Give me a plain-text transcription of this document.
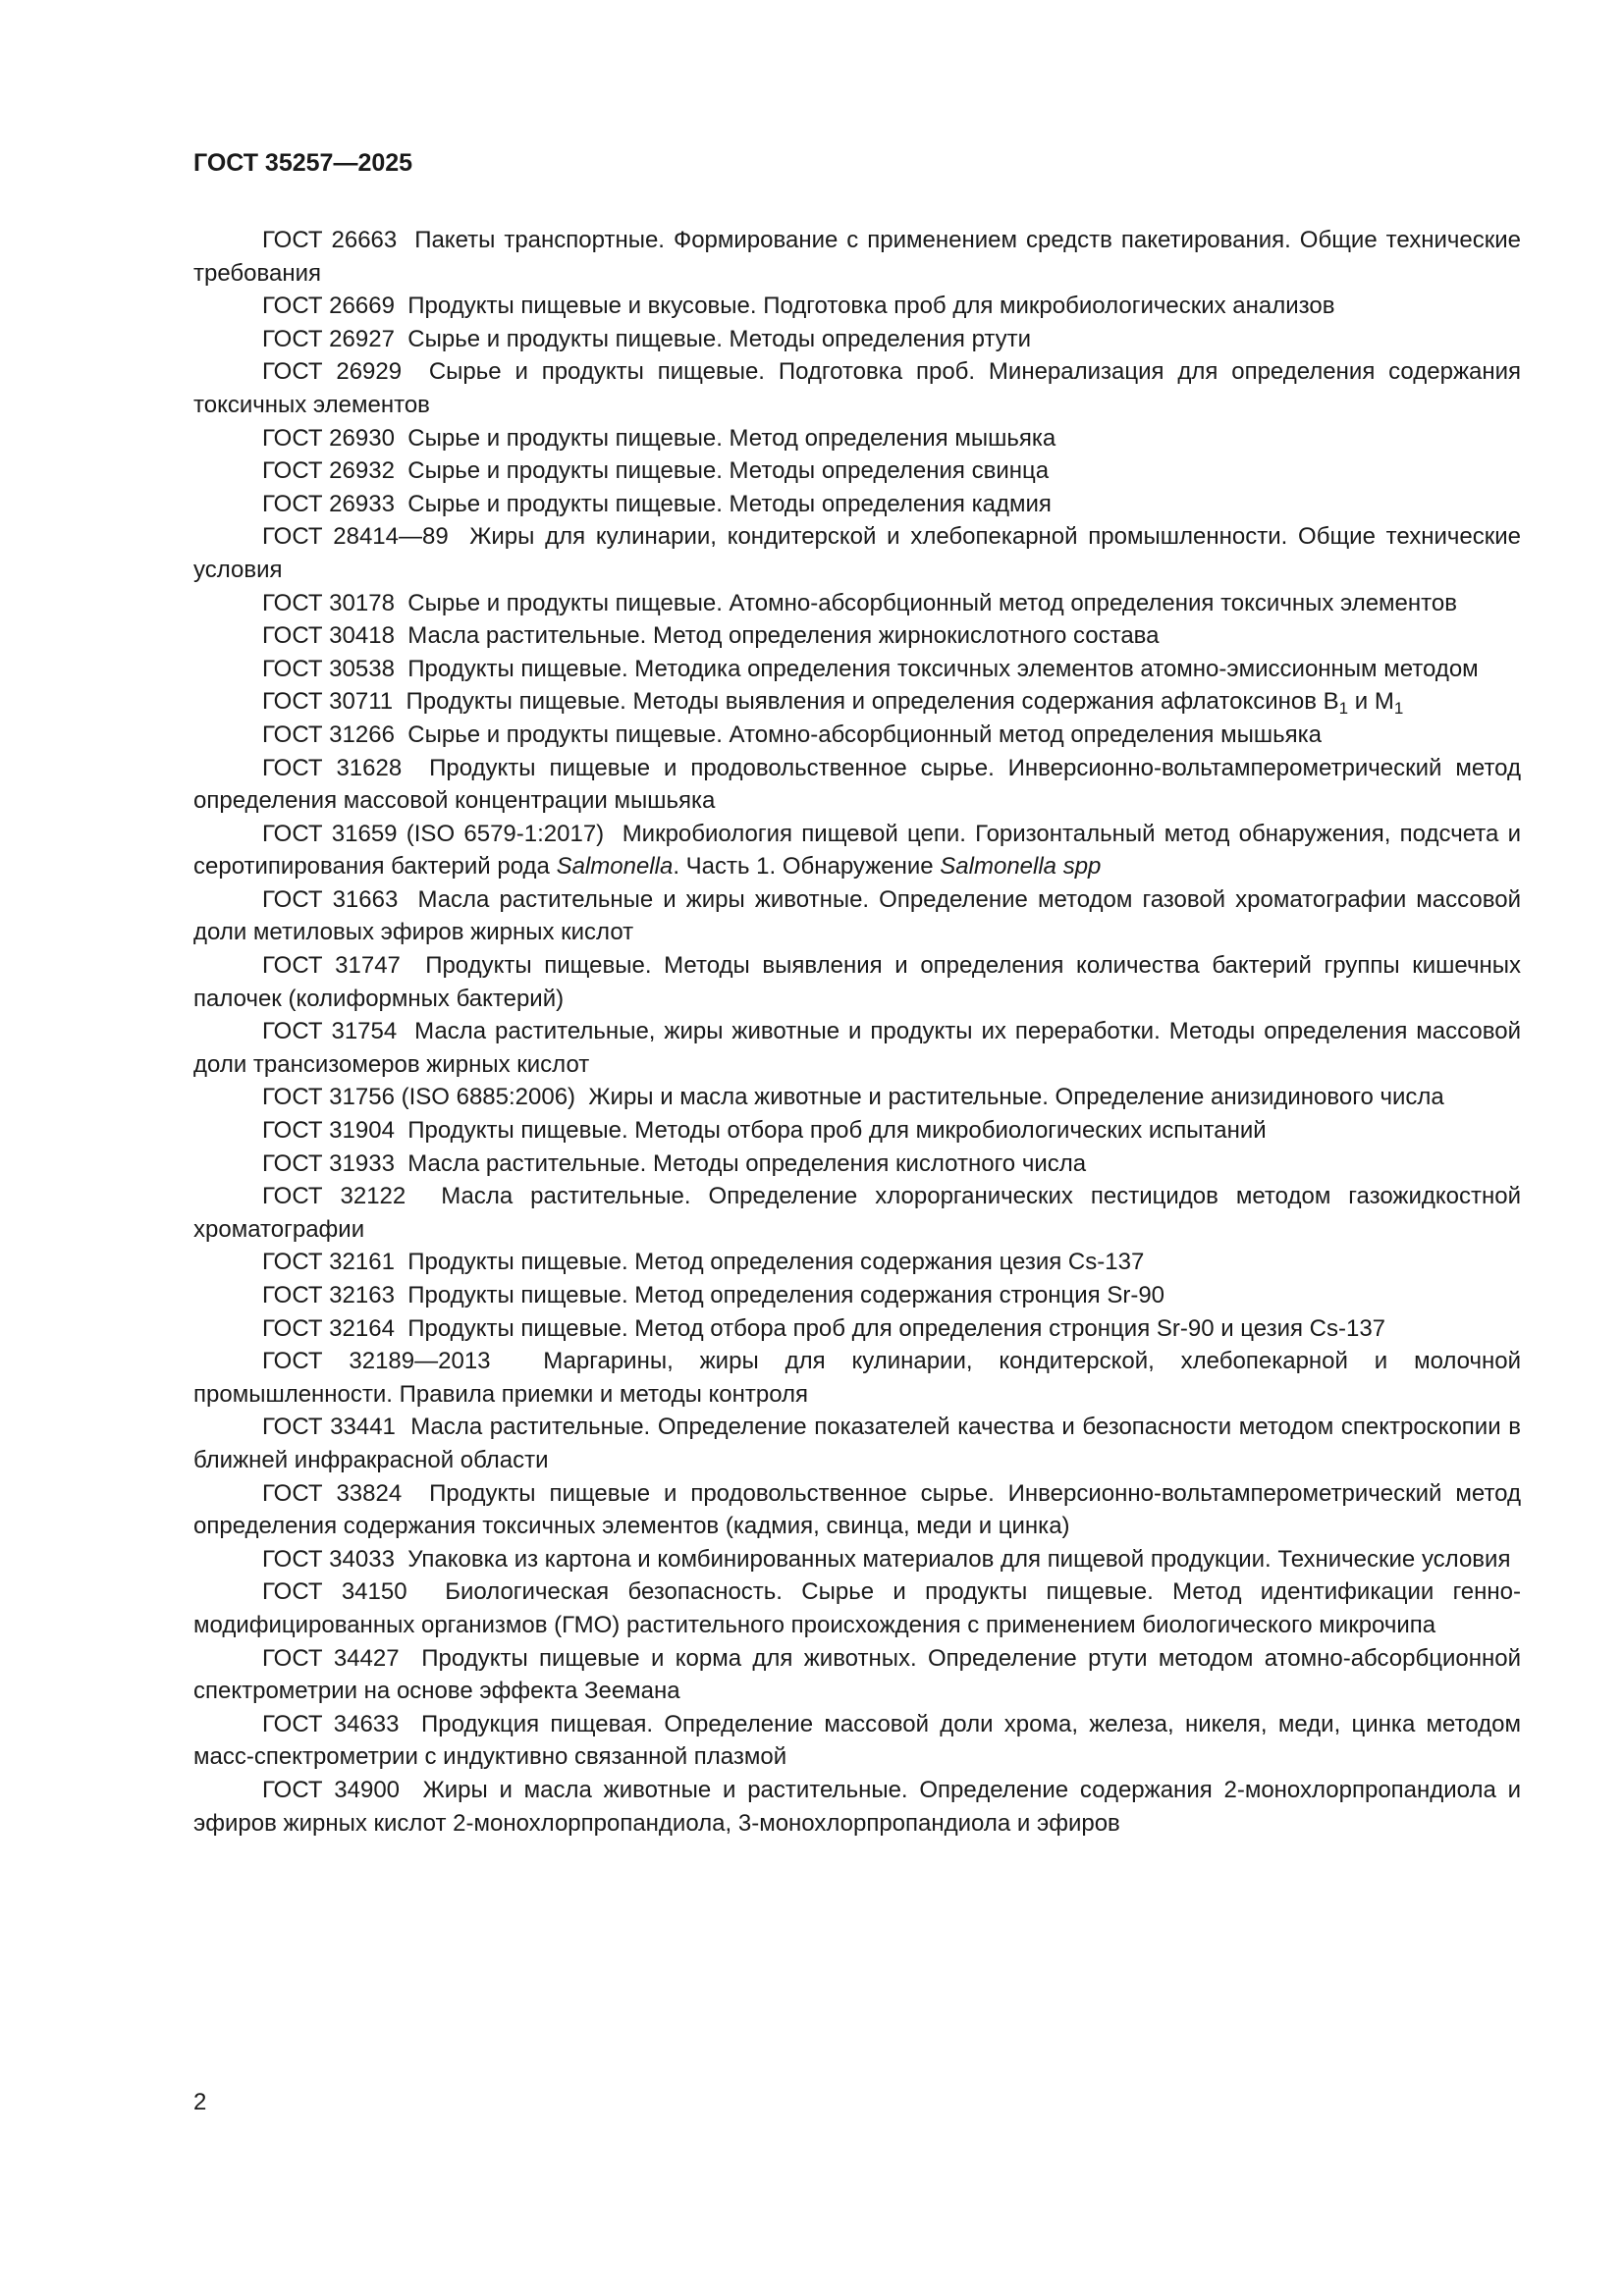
ГОСТ 35257—2025

ГОСТ 26663 Пакеты транспортные. Формирование с применением средств пакетирования. Общие технические требования

ГОСТ 26669 Продукты пищевые и вкусовые. Подготовка проб для микробиологических анализов

ГОСТ 26927 Сырье и продукты пищевые. Методы определения ртути

ГОСТ 26929 Сырье и продукты пищевые. Подготовка проб. Минерализация для определения содержания токсичных элементов

ГОСТ 26930 Сырье и продукты пищевые. Метод определения мышьяка

ГОСТ 26932 Сырье и продукты пищевые. Методы определения свинца

ГОСТ 26933 Сырье и продукты пищевые. Методы определения кадмия

ГОСТ 28414—89 Жиры для кулинарии, кондитерской и хлебопекарной промышленности. Общие технические условия

ГОСТ 30178 Сырье и продукты пищевые. Атомно-абсорбционный метод определения токсичных элементов

ГОСТ 30418 Масла растительные. Метод определения жирнокислотного состава

ГОСТ 30538 Продукты пищевые. Методика определения токсичных элементов атомно-эмиссионным методом

ГОСТ 30711 Продукты пищевые. Методы выявления и определения содержания афлатоксинов $B_1$ и $M_1$

ГОСТ 31266 Сырье и продукты пищевые. Атомно-абсорбционный метод определения мышьяка

ГОСТ 31628 Продукты пищевые и продовольственное сырье. Инверсионно-вольтамперометрический метод определения массовой концентрации мышьяка

ГОСТ 31659 (ISO 6579-1:2017) Микробиология пищевой цепи. Горизонтальный метод обнаружения, подсчета и серотипирования бактерий рода Salmonella. Часть 1. Обнаружение Salmonella spp

ГОСТ 31663 Масла растительные и жиры животные. Определение методом газовой хроматографии массовой доли метиловых эфиров жирных кислот

ГОСТ 31747 Продукты пищевые. Методы выявления и определения количества бактерий группы кишечных палочек (колиформных бактерий)

ГОСТ 31754 Масла растительные, жиры животные и продукты их переработки. Методы определения массовой доли трансизомеров жирных кислот

ГОСТ 31756 (ISO 6885:2006) Жиры и масла животные и растительные. Определение анизидинового числа

ГОСТ 31904 Продукты пищевые. Методы отбора проб для микробиологических испытаний

ГОСТ 31933 Масла растительные. Методы определения кислотного числа

ГОСТ 32122 Масла растительные. Определение хлорорганических пестицидов методом газожидкостной хроматографии

ГОСТ 32161 Продукты пищевые. Метод определения содержания цезия Cs-137

ГОСТ 32163 Продукты пищевые. Метод определения содержания стронция Sr-90

ГОСТ 32164 Продукты пищевые. Метод отбора проб для определения стронция Sr-90 и цезия Cs-137

ГОСТ 32189—2013 Маргарины, жиры для кулинарии, кондитерской, хлебопекарной и молочной промышленности. Правила приемки и методы контроля

ГОСТ 33441 Масла растительные. Определение показателей качества и безопасности методом спектроскопии в ближней инфракрасной области

ГОСТ 33824 Продукты пищевые и продовольственное сырье. Инверсионно-вольтамперометрический метод определения содержания токсичных элементов (кадмия, свинца, меди и цинка)

ГОСТ 34033 Упаковка из картона и комбинированных материалов для пищевой продукции. Технические условия

ГОСТ 34150 Биологическая безопасность. Сырье и продукты пищевые. Метод идентификации генно-модифицированных организмов (ГМО) растительного происхождения с применением биологического микрочипа

ГОСТ 34427 Продукты пищевые и корма для животных. Определение ртути методом атомно-абсорбционной спектрометрии на основе эффекта Зеемана

ГОСТ 34633 Продукция пищевая. Определение массовой доли хрома, железа, никеля, меди, цинка методом масс-спектрометрии с индуктивно связанной плазмой

ГОСТ 34900 Жиры и масла животные и растительные. Определение содержания 2-монохлорпропандиола и эфиров жирных кислот 2-монохлорпропандиола, 3-монохлорпропандиола и эфиров

2
